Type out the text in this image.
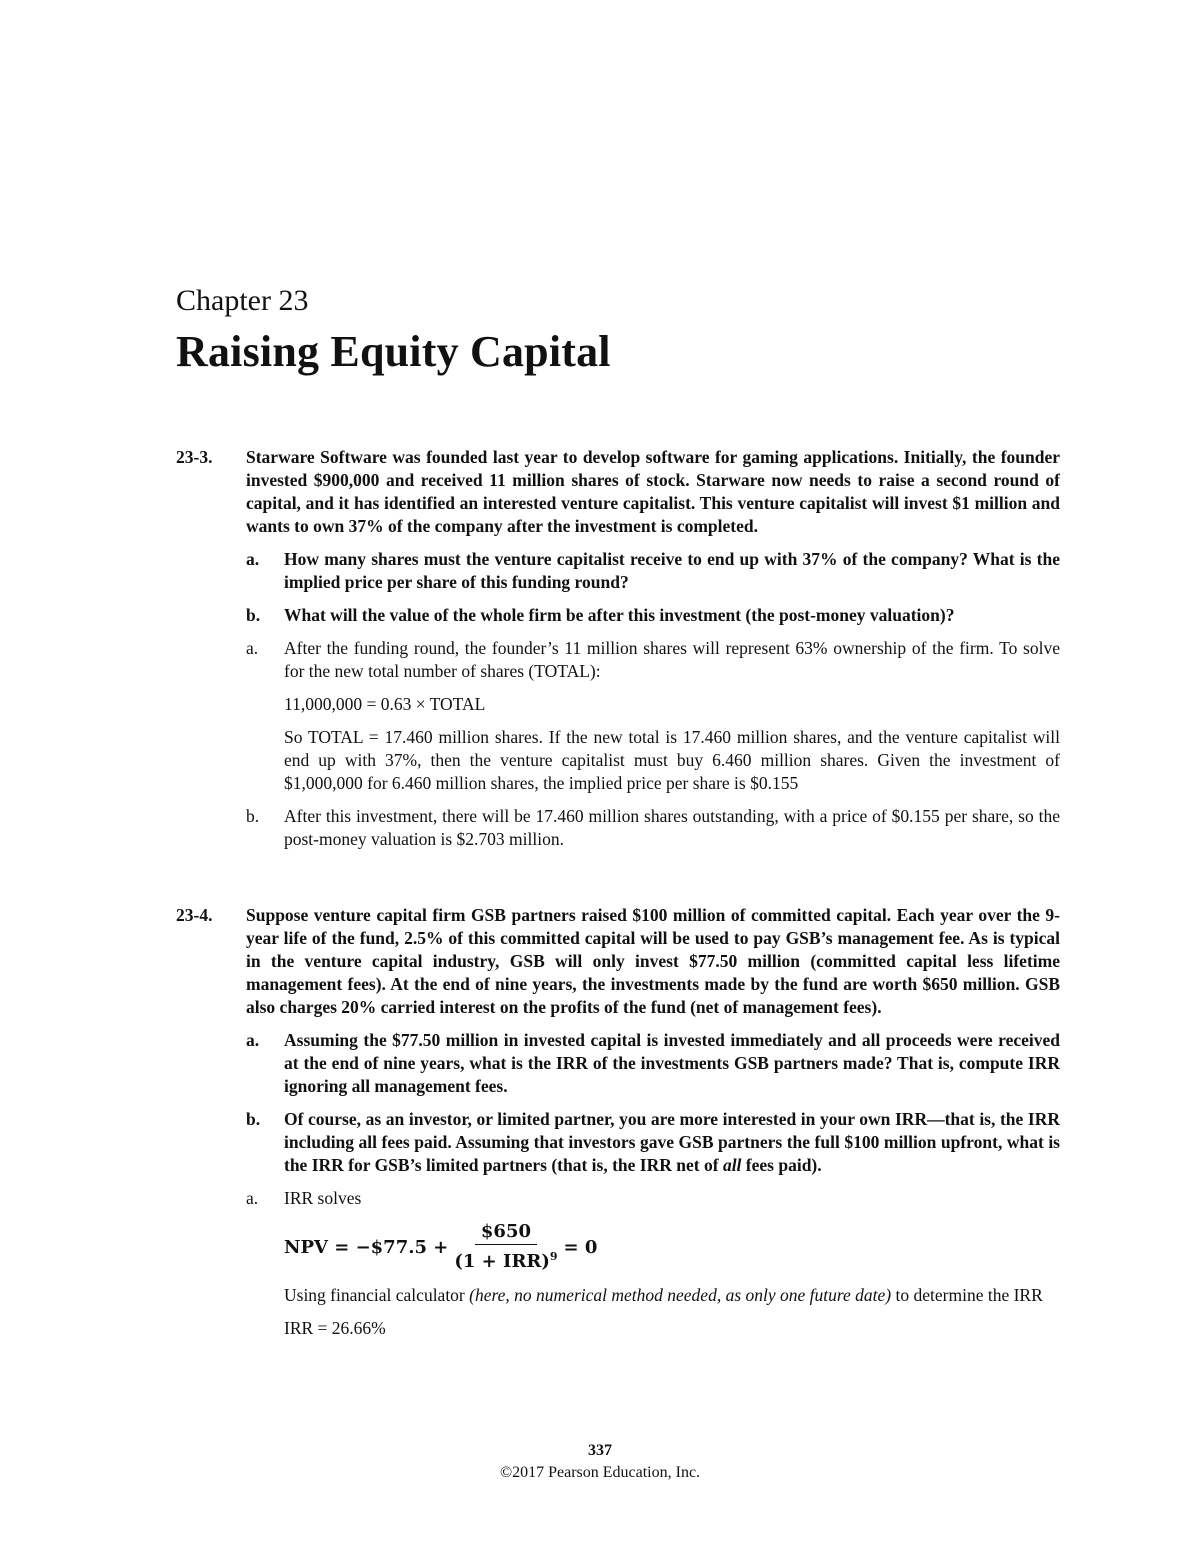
Chapter 23
Raising Equity Capital
23-3. Starware Software was founded last year to develop software for gaming applications. Initially, the founder invested $900,000 and received 11 million shares of stock. Starware now needs to raise a second round of capital, and it has identified an interested venture capitalist. This venture capitalist will invest $1 million and wants to own 37% of the company after the investment is completed.
a. How many shares must the venture capitalist receive to end up with 37% of the company? What is the implied price per share of this funding round?
b. What will the value of the whole firm be after this investment (the post-money valuation)?
a. After the funding round, the founder’s 11 million shares will represent 63% ownership of the firm. To solve for the new total number of shares (TOTAL):

11,000,000 = 0.63 × TOTAL

So TOTAL = 17.460 million shares. If the new total is 17.460 million shares, and the venture capitalist will end up with 37%, then the venture capitalist must buy 6.460 million shares. Given the investment of $1,000,000 for 6.460 million shares, the implied price per share is $0.155

b. After this investment, there will be 17.460 million shares outstanding, with a price of $0.155 per share, so the post-money valuation is $2.703 million.

23-4. Suppose venture capital firm GSB partners raised $100 million of committed capital. Each year over the 9-year life of the fund, 2.5% of this committed capital will be used to pay GSB’s management fee. As is typical in the venture capital industry, GSB will only invest $77.50 million (committed capital less lifetime management fees). At the end of nine years, the investments made by the fund are worth $650 million. GSB also charges 20% carried interest on the profits of the fund (net of management fees).
a. Assuming the $77.50 million in invested capital is invested immediately and all proceeds were received at the end of nine years, what is the IRR of the investments GSB partners made? That is, compute IRR ignoring all management fees.
b. Of course, as an investor, or limited partner, you are more interested in your own IRR—that is, the IRR including all fees paid. Assuming that investors gave GSB partners the full $100 million upfront, what is the IRR for GSB’s limited partners (that is, the IRR net of all fees paid).
a. IRR solves

NPV = −$77.5 + $\frac{\$650}{(1 + IRR)^9} = 0$

Using financial calculator (here, no numerical method needed, as only one future date) to determine the IRR

IRR = 26.66%

337
©2017 Pearson Education, Inc.
